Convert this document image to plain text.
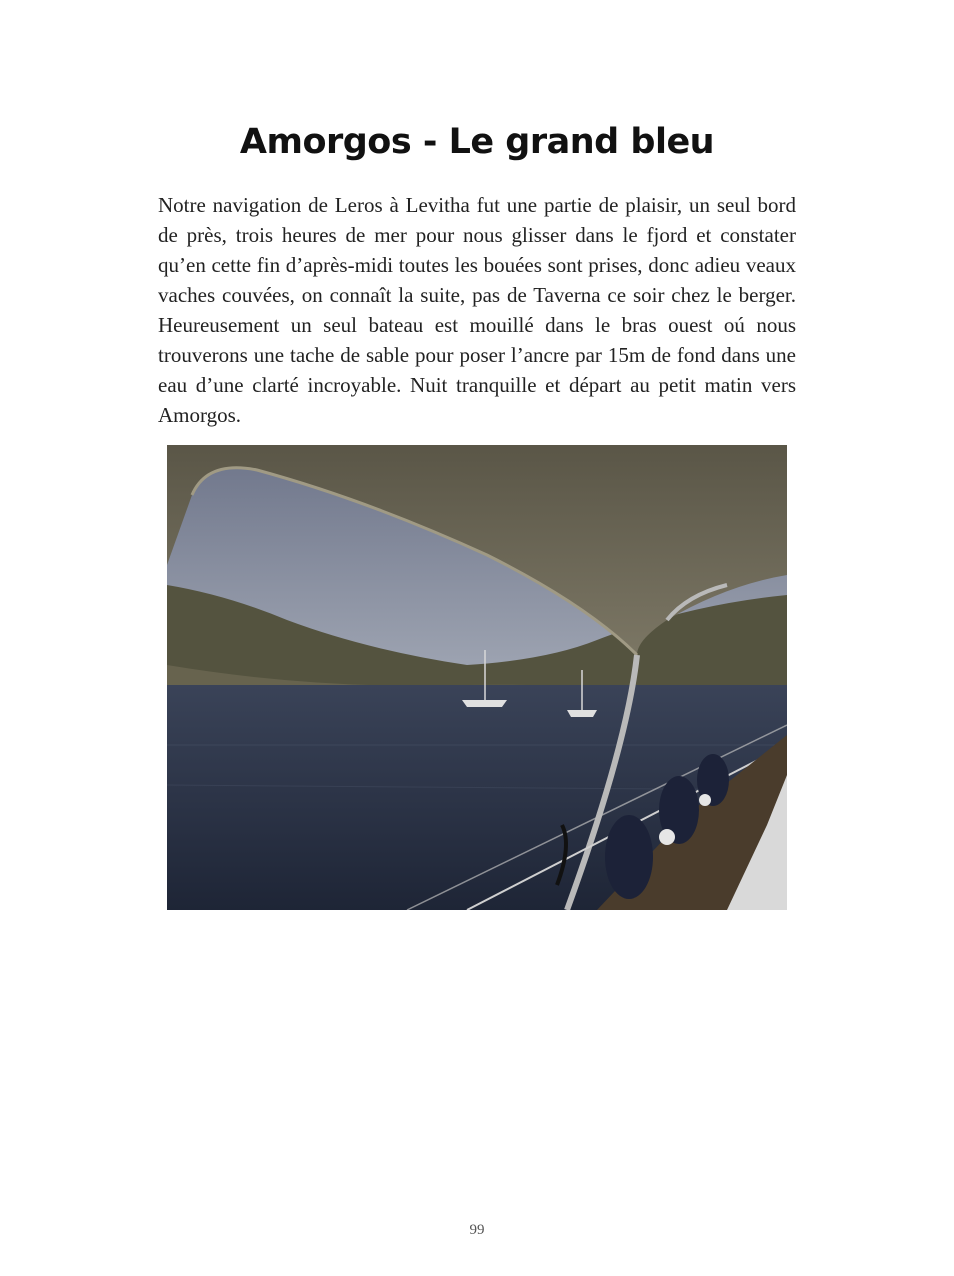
Amorgos - Le grand bleu

Notre navigation de Leros à Levitha fut une partie de plaisir, un seul bord de près, trois heures de mer pour nous glisser dans le fjord et constater qu’en cette fin d’après-midi toutes les bouées sont prises, donc adieu veaux vaches couvées, on connaît la suite, pas de Taverna ce soir chez le berger. Heureusement un seul bateau est mouillé dans le bras ouest oú nous trouverons une tache de sable pour poser l’ancre par 15m de fond dans une eau d’une clarté incroyable. Nuit tranquille et départ au petit matin vers Amorgos.

99
